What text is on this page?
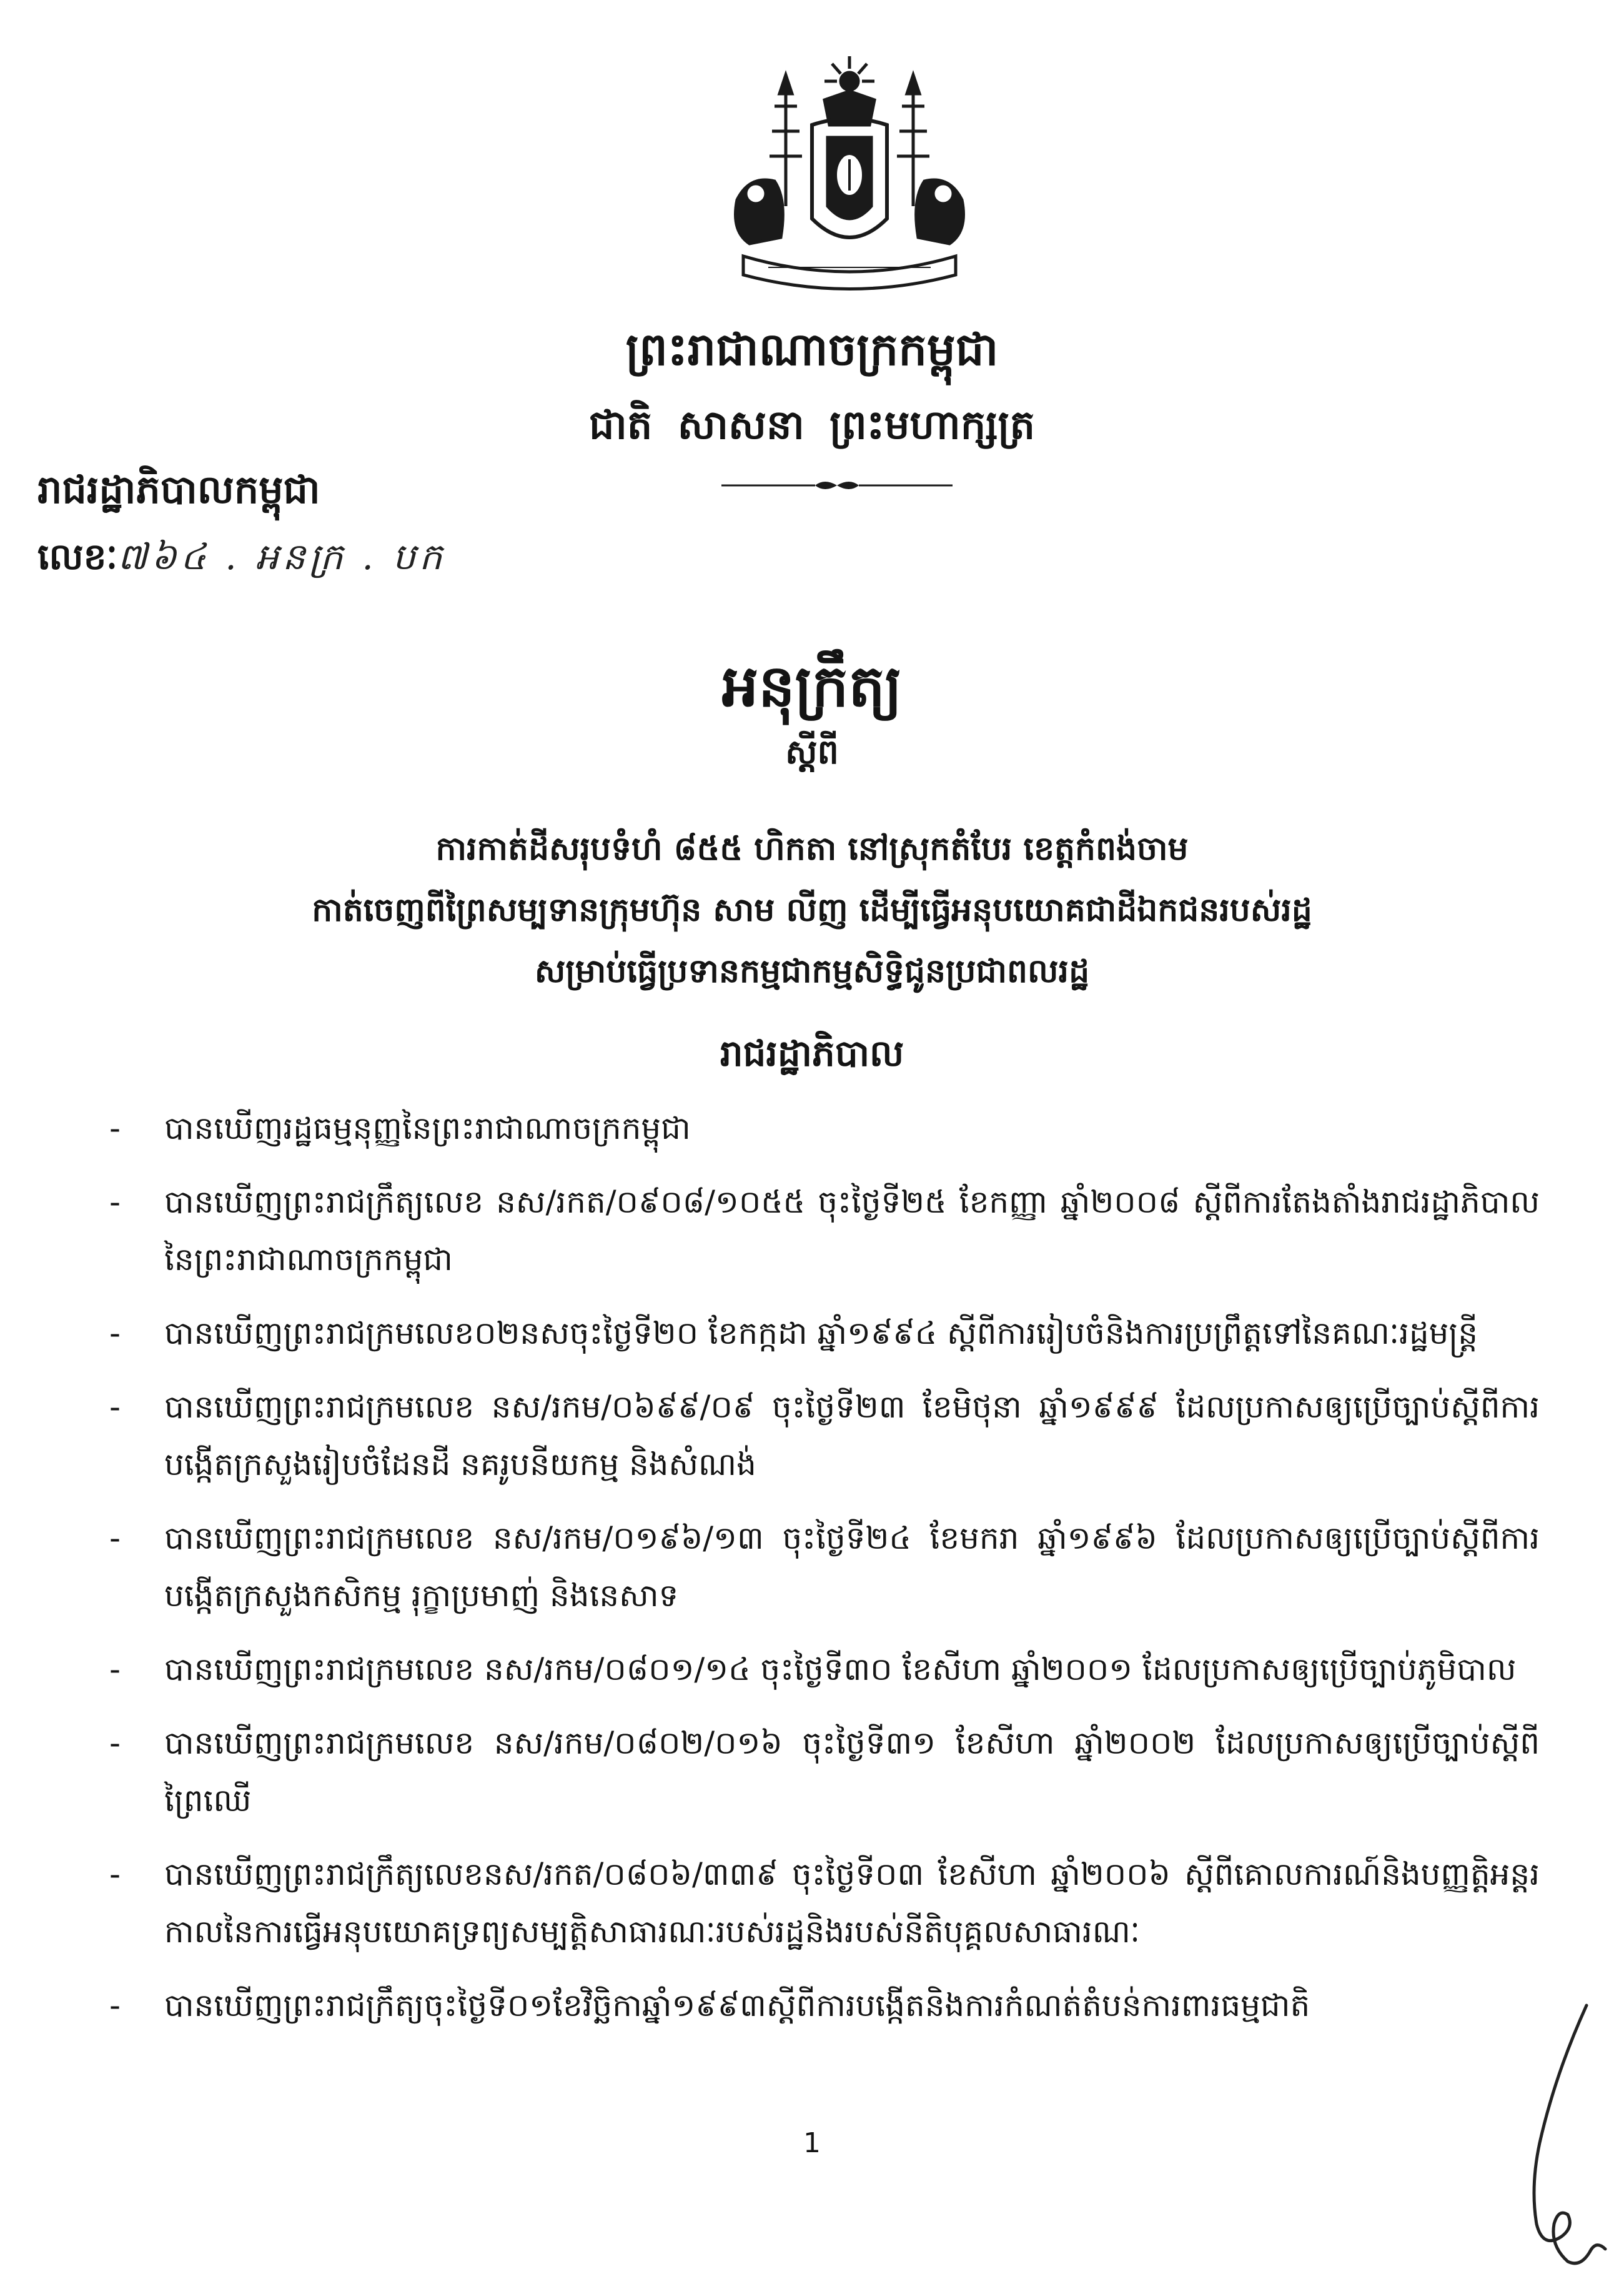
ព្រះរាជាណាចក្រកម្ពុជា
ជាតិ សាសនា ព្រះមហាក្សត្រ
រាជរដ្ឋាភិបាលកម្ពុជា
លេខៈ៧៦៤ . អនក្រ . បក
អនុក្រឹត្យ
ស្តីពី
ការកាត់ដីសរុបទំហំ ៨៥៥ ហិកតា នៅស្រុកតំបែរ ខេត្តកំពង់ចាម
កាត់ចេញពីព្រៃសម្បទានក្រុមហ៊ុន សាម លីញ ដើម្បីធ្វើអនុបយោគជាដីឯកជនរបស់រដ្ឋ
សម្រាប់ធ្វើប្រទានកម្មជាកម្មសិទ្ធិជូនប្រជាពលរដ្ឋ
រាជរដ្ឋាភិបាល
- បានឃើញរដ្ឋធម្មនុញ្ញនៃព្រះរាជាណាចក្រកម្ពុជា
- បានឃើញព្រះរាជក្រឹត្យលេខ នស/រកត/០៩០៨/១០៥៥ ចុះថ្ងៃទី២៥ ខែកញ្ញា ឆ្នាំ២០០៨ ស្តីពីការតែងតាំងរាជរដ្ឋាភិបាលនៃព្រះរាជាណាចក្រកម្ពុជា
- បានឃើញព្រះរាជក្រមលេខ០២នសចុះថ្ងៃទី២០ ខែកក្កដា ឆ្នាំ១៩៩៤ ស្តីពីការរៀបចំនិងការប្រព្រឹត្តទៅនៃគណៈរដ្ឋមន្ត្រី
- បានឃើញព្រះរាជក្រមលេខ នស/រកម/០៦៩៩/០៩ ចុះថ្ងៃទី២៣ ខែមិថុនា ឆ្នាំ១៩៩៩ ដែលប្រកាសឲ្យប្រើច្បាប់ស្តីពីការបង្កើតក្រសួងរៀបចំដែនដី នគរូបនីយកម្ម និងសំណង់
- បានឃើញព្រះរាជក្រមលេខ នស/រកម/០១៩៦/១៣ ចុះថ្ងៃទី២៤ ខែមករា ឆ្នាំ១៩៩៦ ដែលប្រកាសឲ្យប្រើច្បាប់ស្តីពីការបង្កើតក្រសួងកសិកម្ម រុក្ខាប្រមាញ់ និងនេសាទ
- បានឃើញព្រះរាជក្រមលេខ នស/រកម/០៨០១/១៤ ចុះថ្ងៃទី៣០ ខែសីហា ឆ្នាំ២០០១ ដែលប្រកាសឲ្យប្រើច្បាប់ភូមិបាល
- បានឃើញព្រះរាជក្រមលេខ នស/រកម/០៨០២/០១៦ ចុះថ្ងៃទី៣១ ខែសីហា ឆ្នាំ២០០២ ដែលប្រកាសឲ្យប្រើច្បាប់ស្តីពីព្រៃឈើ
- បានឃើញព្រះរាជក្រឹត្យលេខនស/រកត/០៨០៦/៣៣៩ ចុះថ្ងៃទី០៣ ខែសីហា ឆ្នាំ២០០៦ ស្តីពីគោលការណ៍និងបញ្ញត្តិអន្តរកាលនៃការធ្វើអនុបយោគទ្រព្យសម្បត្តិសាធារណៈរបស់រដ្ឋនិងរបស់នីតិបុគ្គលសាធារណៈ
- បានឃើញព្រះរាជក្រឹត្យចុះថ្ងៃទី០១ខែវិច្ឆិកាឆ្នាំ១៩៩៣ស្តីពីការបង្កើតនិងការកំណត់តំបន់ការពារធម្មជាតិ
1
